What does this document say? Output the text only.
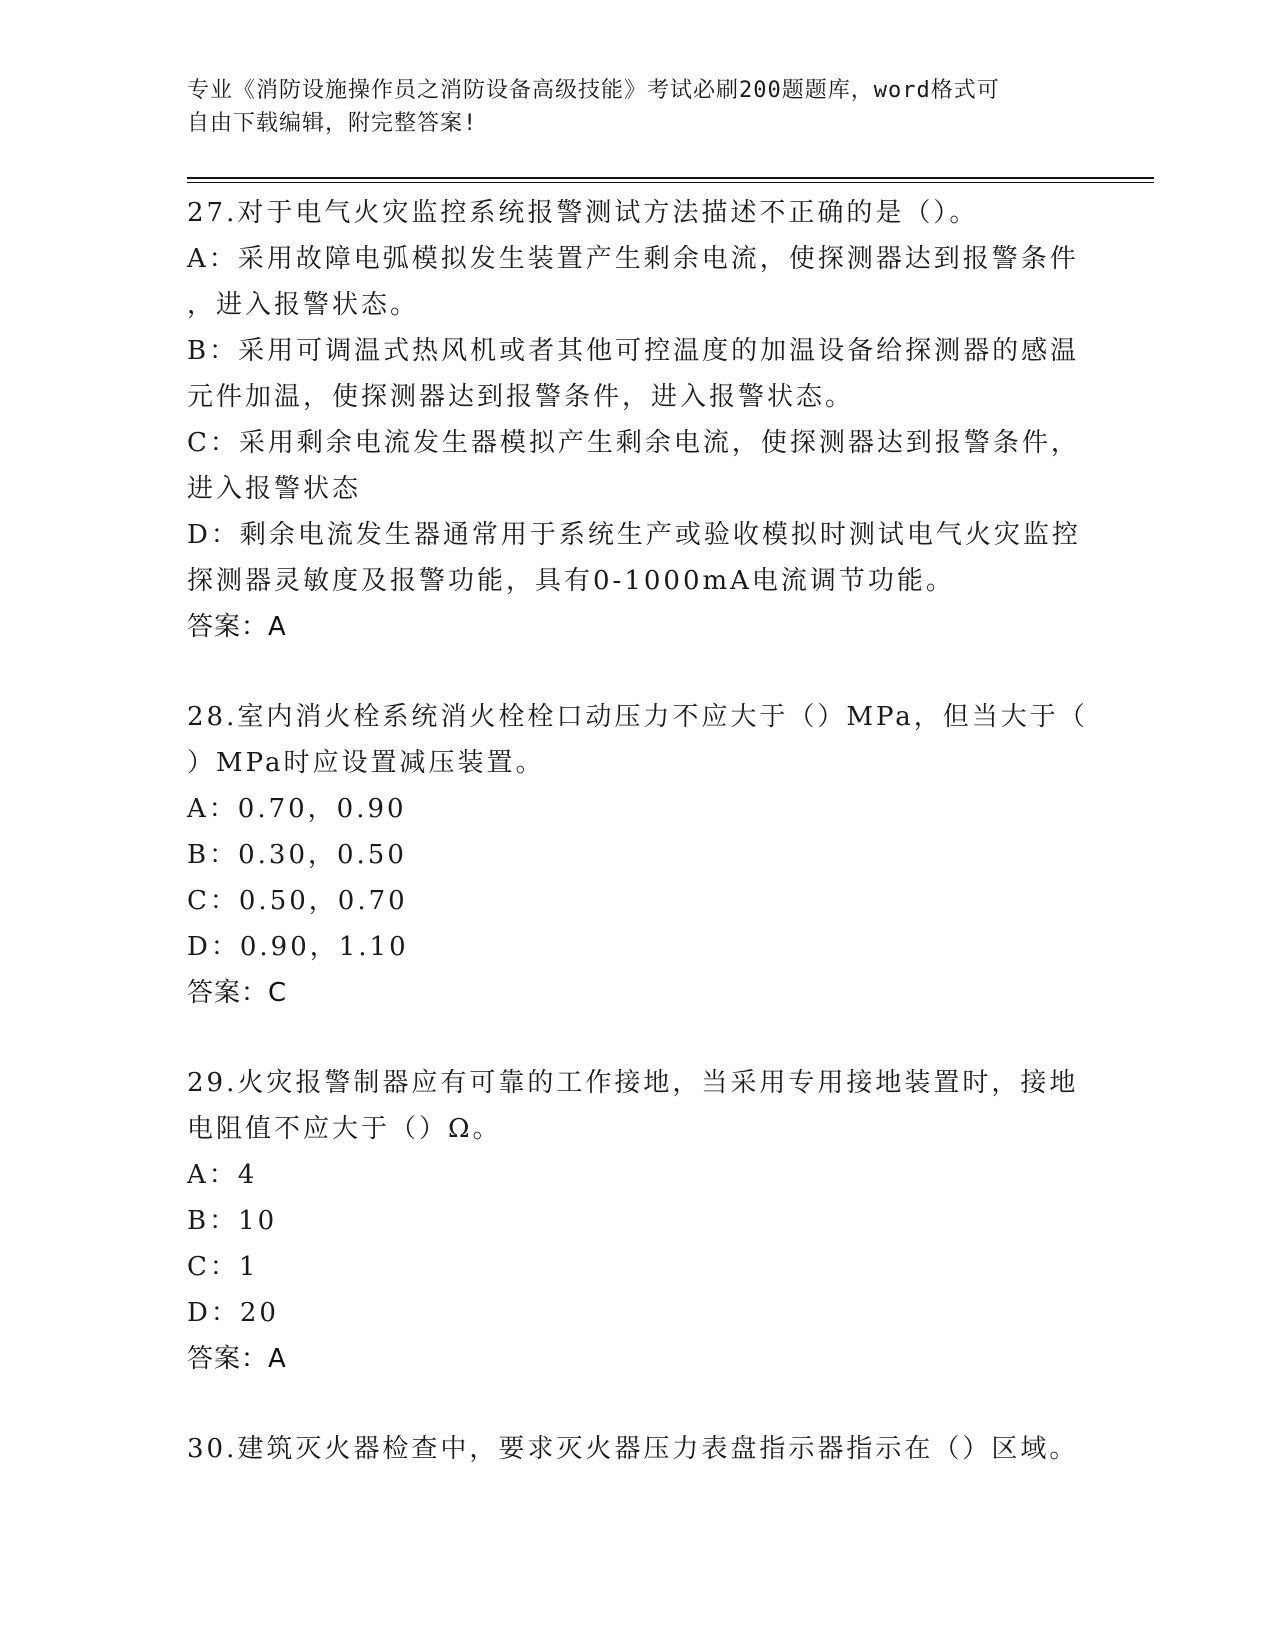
专业《消防设施操作员之消防设备高级技能》考试必刷200题题库，word格式可
自由下载编辑，附完整答案!
27.对于电气火灾监控系统报警测试方法描述不正确的是（）。
A：采用故障电弧模拟发生装置产生剩余电流，使探测器达到报警条件
，进入报警状态。
B：采用可调温式热风机或者其他可控温度的加温设备给探测器的感温
元件加温，使探测器达到报警条件，进入报警状态。
C：采用剩余电流发生器模拟产生剩余电流，使探测器达到报警条件，
进入报警状态
D：剩余电流发生器通常用于系统生产或验收模拟时测试电气火灾监控
探测器灵敏度及报警功能，具有0-1000mA电流调节功能。
答案：A
28.室内消火栓系统消火栓栓口动压力不应大于（）MPa，但当大于（
）MPa时应设置减压装置。
A：0.70，0.90
B：0.30，0.50
C：0.50，0.70
D：0.90，1.10
答案：C
29.火灾报警制器应有可靠的工作接地，当采用专用接地装置时，接地
电阻值不应大于（）Ω。
A：4
B：10
C：1
D：20
答案：A
30.建筑灭火器检查中，要求灭火器压力表盘指示器指示在（）区域。
